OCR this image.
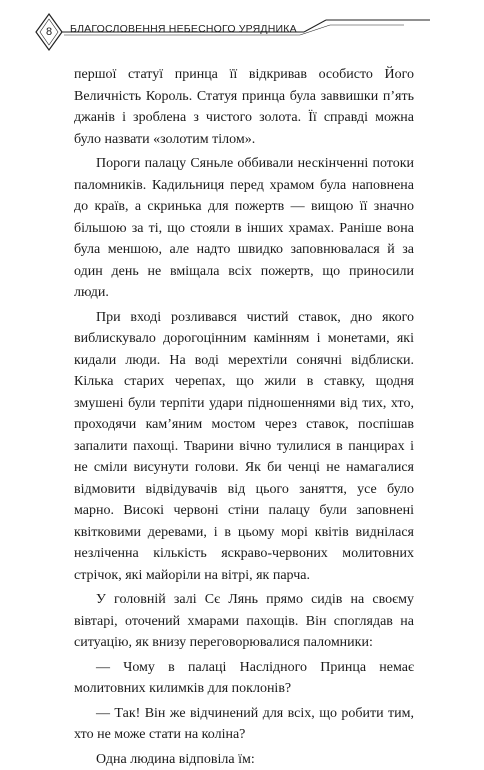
8	БЛАГОСЛОВЕННЯ НЕБЕСНОГО УРЯДНИКА

першої статуї принца її відкривав особисто Його Величність Король. Статуя принца була заввишки п’ять джанів і зроблена з чистого золота. Її справді можна було назвати «золотим тілом».

Пороги палацу Сяньле оббивали нескінченні потоки паломників. Кадильниця перед храмом була наповнена до країв, а скринька для пожертв — вищою її значно більшою за ті, що стояли в інших храмах. Раніше вона була меншою, але надто швидко заповнювалася й за один день не вміщала всіх пожертв, що приносили люди.

При вході розливався чистий ставок, дно якого виблискувало дорогоцінним камінням і монетами, які кидали люди. На воді мерехтіли сонячні відблиски. Кілька старих черепах, що жили в ставку, щодня змушені були терпіти удари підношеннями від тих, хто, проходячи кам’яним мостом через ставок, поспішав запалити пахощі. Тварини вічно тулилися в панцирах і не сміли висунути голови. Як би ченці не намагалися відмовити відвідувачів від цього заняття, усе було марно. Високі червоні стіни палацу були заповнені квітковими деревами, і в цьому морі квітів виднілася незліченна кількість яскраво-червоних молитовних стрічок, які майоріли на вітрі, як парча.

У головній залі Сє Лянь прямо сидів на своєму вівтарі, оточений хмарами пахощів. Він споглядав на ситуацію, як внизу переговорювалися паломники:

— Чому в палаці Наслідного Принца немає молитовних килимків для поклонів?

— Так! Він же відчинений для всіх, що робити тим, хто не може стати на коліна?

Одна людина відповіла їм:
